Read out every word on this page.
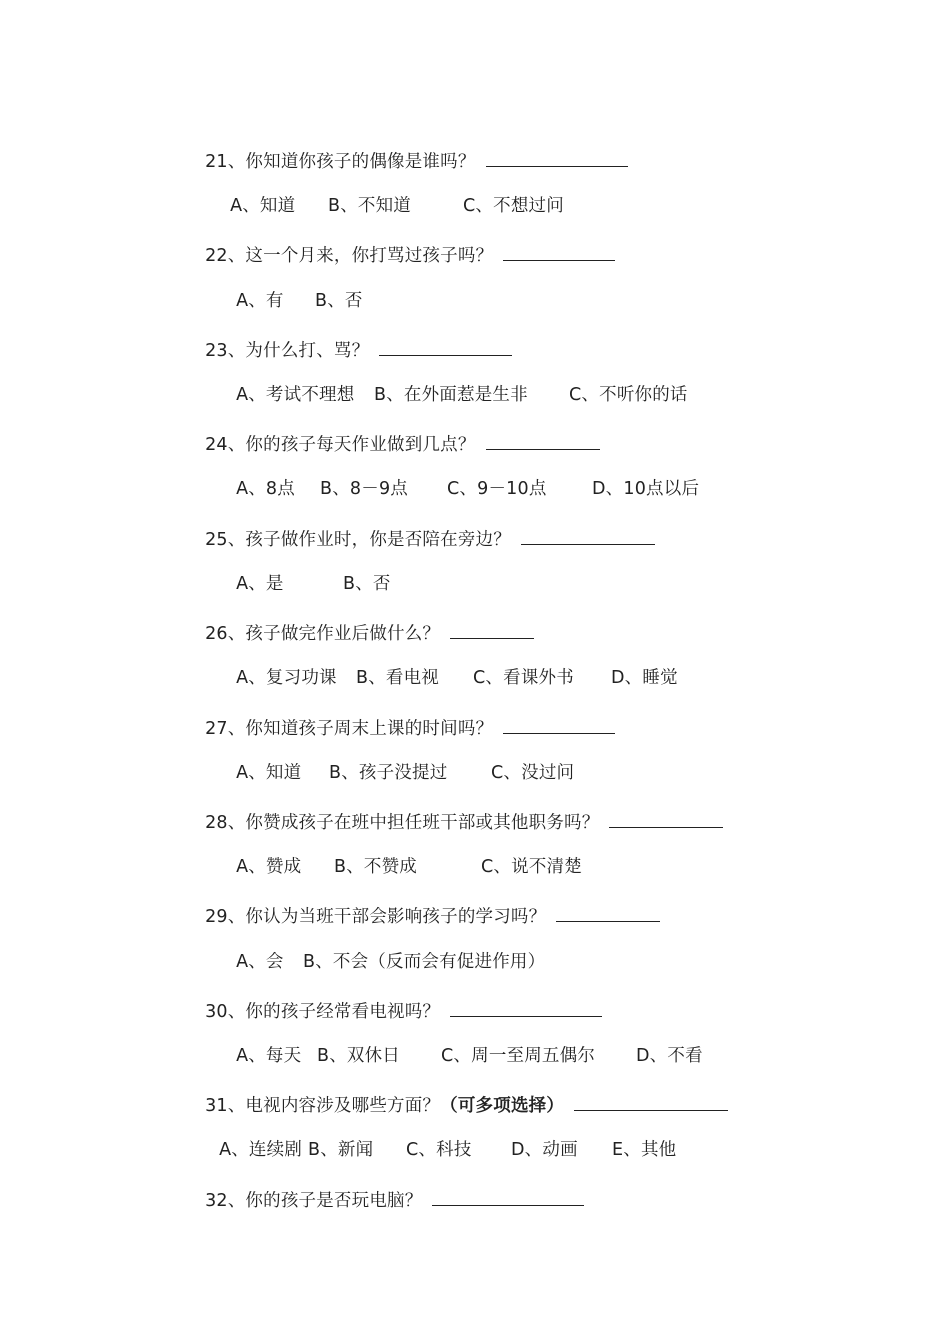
21、你知道你孩子的偶像是谁吗？

A、知道 B、不知道	C、不想过问

22、这一个月来，你打骂过孩子吗？

A、有 B、否

23、为什么打、骂？

A、考试不理想 B、在外面惹是生非 C、不听你的话

24、你的孩子每天作业做到几点？

A、8点 B、8－9点 C、9－10点	D、10点以后

25、孩子做作业时，你是否陪在旁边？

A、是	B、否

26、孩子做完作业后做什么？

A、复习功课 B、看电视 C、看课外书 D、睡觉

27、你知道孩子周末上课的时间吗？

A、知道 B、孩子没提过 C、没过问

28、你赞成孩子在班中担任班干部或其他职务吗？

A、赞成 B、不赞成	C、说不清楚

29、你认为当班干部会影响孩子的学习吗？

A、会 B、不会（反而会有促进作用）

30、你的孩子经常看电视吗？

A、每天 B、双休日 C、周一至周五偶尔 D、不看

31、电视内容涉及哪些方面？（可多项选择）

A、连续剧 B、新闻 C、科技 D、动画 E、其他

32、你的孩子是否玩电脑？
